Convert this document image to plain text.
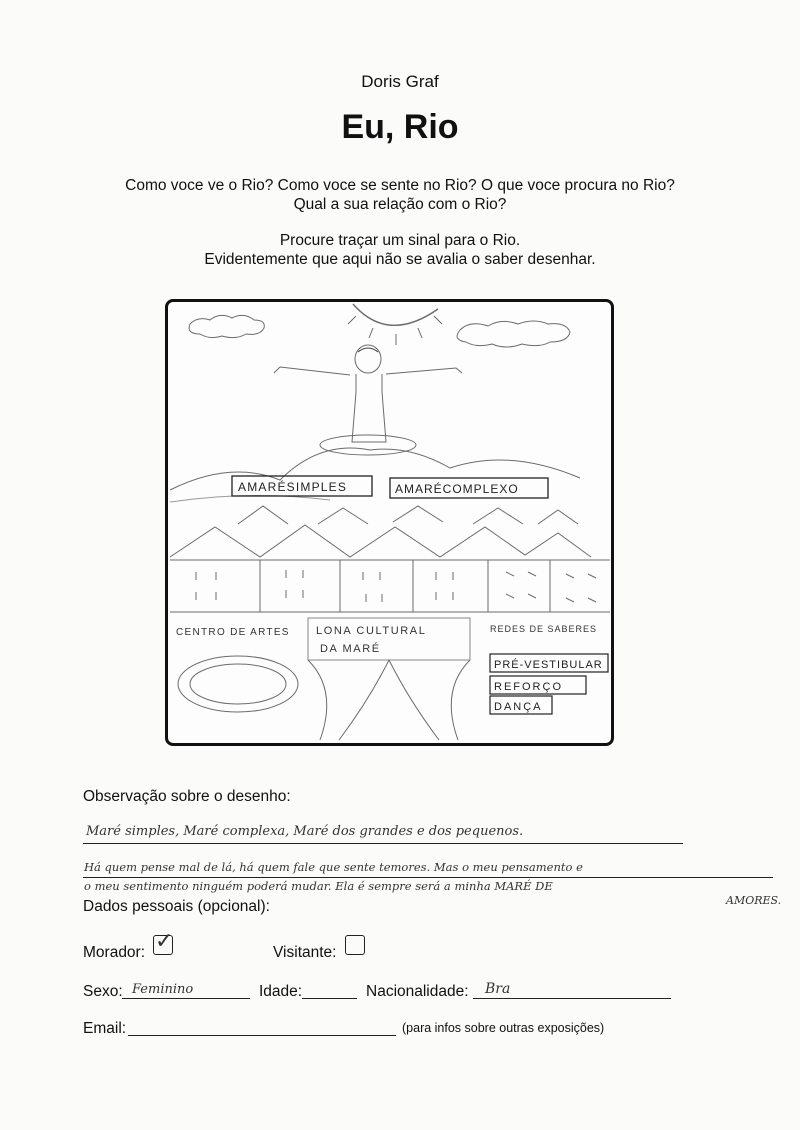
Doris Graf
Eu, Rio
Como voce ve o Rio? Como voce se sente no Rio? O que voce procura no Rio?
Qual a sua relação com o Rio?
Procure traçar um sinal para o Rio.
Evidentemente que aqui não se avalia o saber desenhar.
AMARÉSIMPLES	AMARÉCOMPLEXO
CENTRO DE ARTES LONA CULTURAL
DA MARÉ
REDES DE SABERES
PRÉ-VESTIBULAR
REFORÇO
DANÇA
Observação sobre o desenho:
Maré simples, Maré complexa, Maré dos grandes e dos pequenos.
Há quem pense mal de lá, há quem fale que sente temores. Mas o meu pensamento e
o meu sentimento ninguém poderá mudar. Ela é sempre será a minha MARÉ DE
AMORES.
Dados pessoais (opcional):
Morador: ✓	Visitante:
Sexo: Feminino	Idade:	Nacionalidade: Bra
Email:	(para infos sobre outras exposições)
